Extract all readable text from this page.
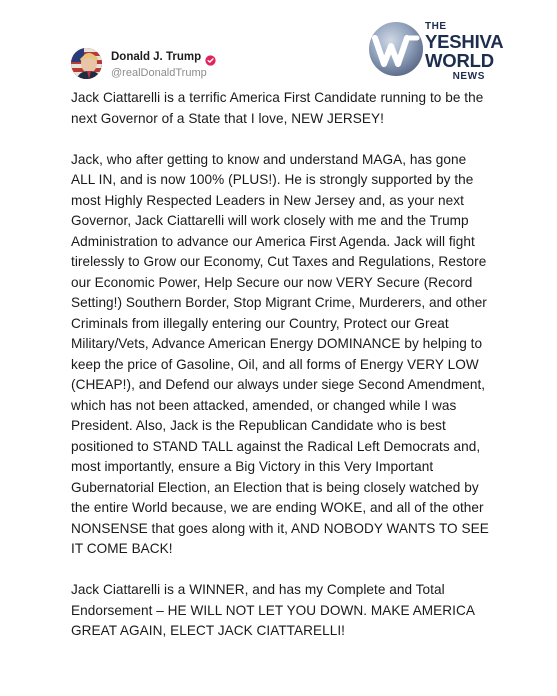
Donald J. Trump
@realDonaldTrump
THE
YESHIVA
WORLD
NEWS

Jack Ciattarelli is a terrific America First Candidate running to be the next Governor of a State that I love, NEW JERSEY!

Jack, who after getting to know and understand MAGA, has gone ALL IN, and is now 100% (PLUS!). He is strongly supported by the most Highly Respected Leaders in New Jersey and, as your next Governor, Jack Ciattarelli will work closely with me and the Trump Administration to advance our America First Agenda. Jack will fight tirelessly to Grow our Economy, Cut Taxes and Regulations, Restore our Economic Power, Help Secure our now VERY Secure (Record Setting!) Southern Border, Stop Migrant Crime, Murderers, and other Criminals from illegally entering our Country, Protect our Great Military/Vets, Advance American Energy DOMINANCE by helping to keep the price of Gasoline, Oil, and all forms of Energy VERY LOW (CHEAP!), and Defend our always under siege Second Amendment, which has not been attacked, amended, or changed while I was President. Also, Jack is the Republican Candidate who is best positioned to STAND TALL against the Radical Left Democrats and, most importantly, ensure a Big Victory in this Very Important Gubernatorial Election, an Election that is being closely watched by the entire World because, we are ending WOKE, and all of the other NONSENSE that goes along with it, AND NOBODY WANTS TO SEE IT COME BACK!

Jack Ciattarelli is a WINNER, and has my Complete and Total Endorsement – HE WILL NOT LET YOU DOWN. MAKE AMERICA GREAT AGAIN, ELECT JACK CIATTARELLI!
